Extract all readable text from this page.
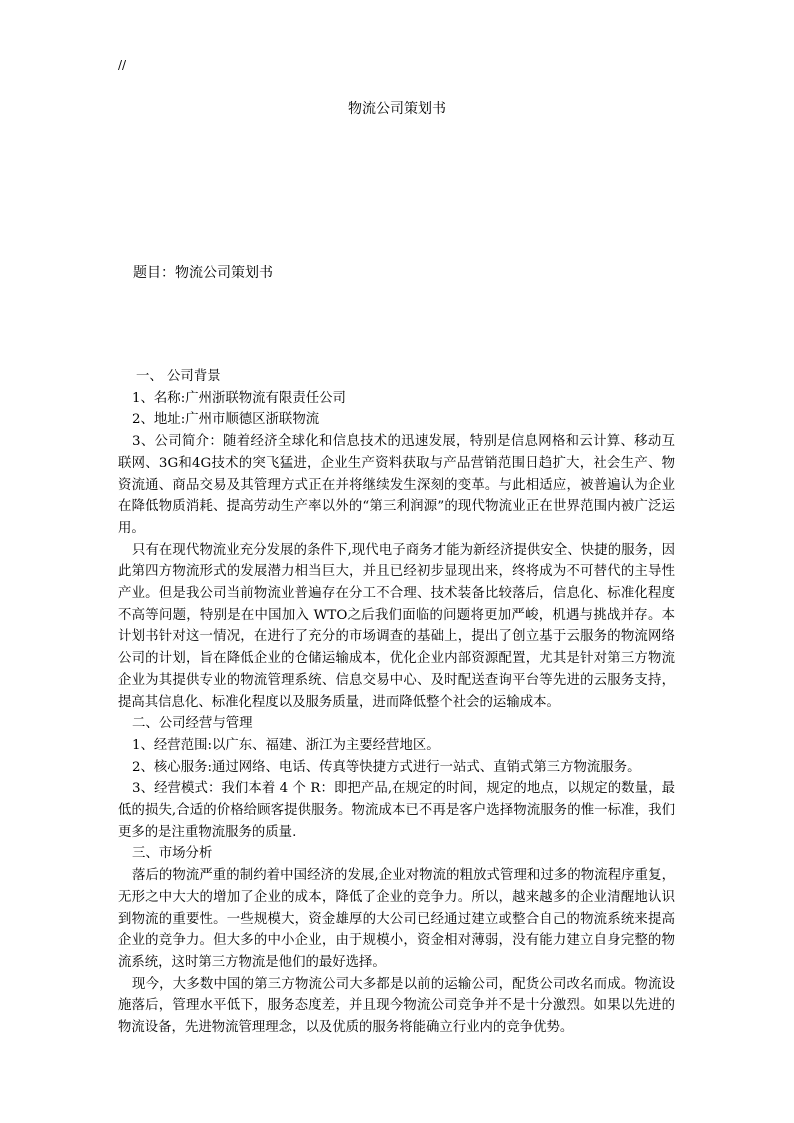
//
物流公司策划书
题目：物流公司策划书

一、 公司背景

1、名称:广州浙联物流有限责任公司

2、地址:广州市顺德区浙联物流

3、公司简介：随着经济全球化和信息技术的迅速发展，特别是信息网格和云计算、移动互联网、3G和4G技术的突飞猛进，企业生产资料获取与产品营销范围日趋扩大，社会生产、物资流通、商品交易及其管理方式正在并将继续发生深刻的变革。与此相适应，被普遍认为企业在降低物质消耗、提高劳动生产率以外的“第三利润源”的现代物流业正在世界范围内被广泛运用。

只有在现代物流业充分发展的条件下,现代电子商务才能为新经济提供安全、快捷的服务，因此第四方物流形式的发展潜力相当巨大，并且已经初步显现出来，终将成为不可替代的主导性产业。但是我公司当前物流业普遍存在分工不合理、技术装备比较落后，信息化、标准化程度不高等问题，特别是在中国加入 WTO之后我们面临的问题将更加严峻，机遇与挑战并存。本计划书针对这一情况，在进行了充分的市场调查的基础上，提出了创立基于云服务的物流网络公司的计划，旨在降低企业的仓储运输成本，优化企业内部资源配置，尤其是针对第三方物流企业为其提供专业的物流管理系统、信息交易中心、及时配送查询平台等先进的云服务支持，提高其信息化、标准化程度以及服务质量，进而降低整个社会的运输成本。

二、公司经营与管理

1、经营范围:以广东、福建、浙江为主要经营地区。

2、核心服务:通过网络、电话、传真等快捷方式进行一站式、直销式第三方物流服务。

3、经营模式：我们本着 4 个 R：即把产品,在规定的时间，规定的地点，以规定的数量，最低的损失,合适的价格给顾客提供服务。物流成本已不再是客户选择物流服务的惟一标准，我们更多的是注重物流服务的质量.

三、市场分析

落后的物流严重的制约着中国经济的发展,企业对物流的粗放式管理和过多的物流程序重复，无形之中大大的增加了企业的成本，降低了企业的竞争力。所以，越来越多的企业清醒地认识到物流的重要性。一些规模大，资金雄厚的大公司已经通过建立或整合自己的物流系统来提高企业的竞争力。但大多的中小企业，由于规模小，资金相对薄弱，没有能力建立自身完整的物流系统，这时第三方物流是他们的最好选择。

现今，大多数中国的第三方物流公司大多都是以前的运输公司，配货公司改名而成。物流设施落后，管理水平低下，服务态度差，并且现今物流公司竞争并不是十分激烈。如果以先进的物流设备，先进物流管理理念，以及优质的服务将能确立行业内的竞争优势。
